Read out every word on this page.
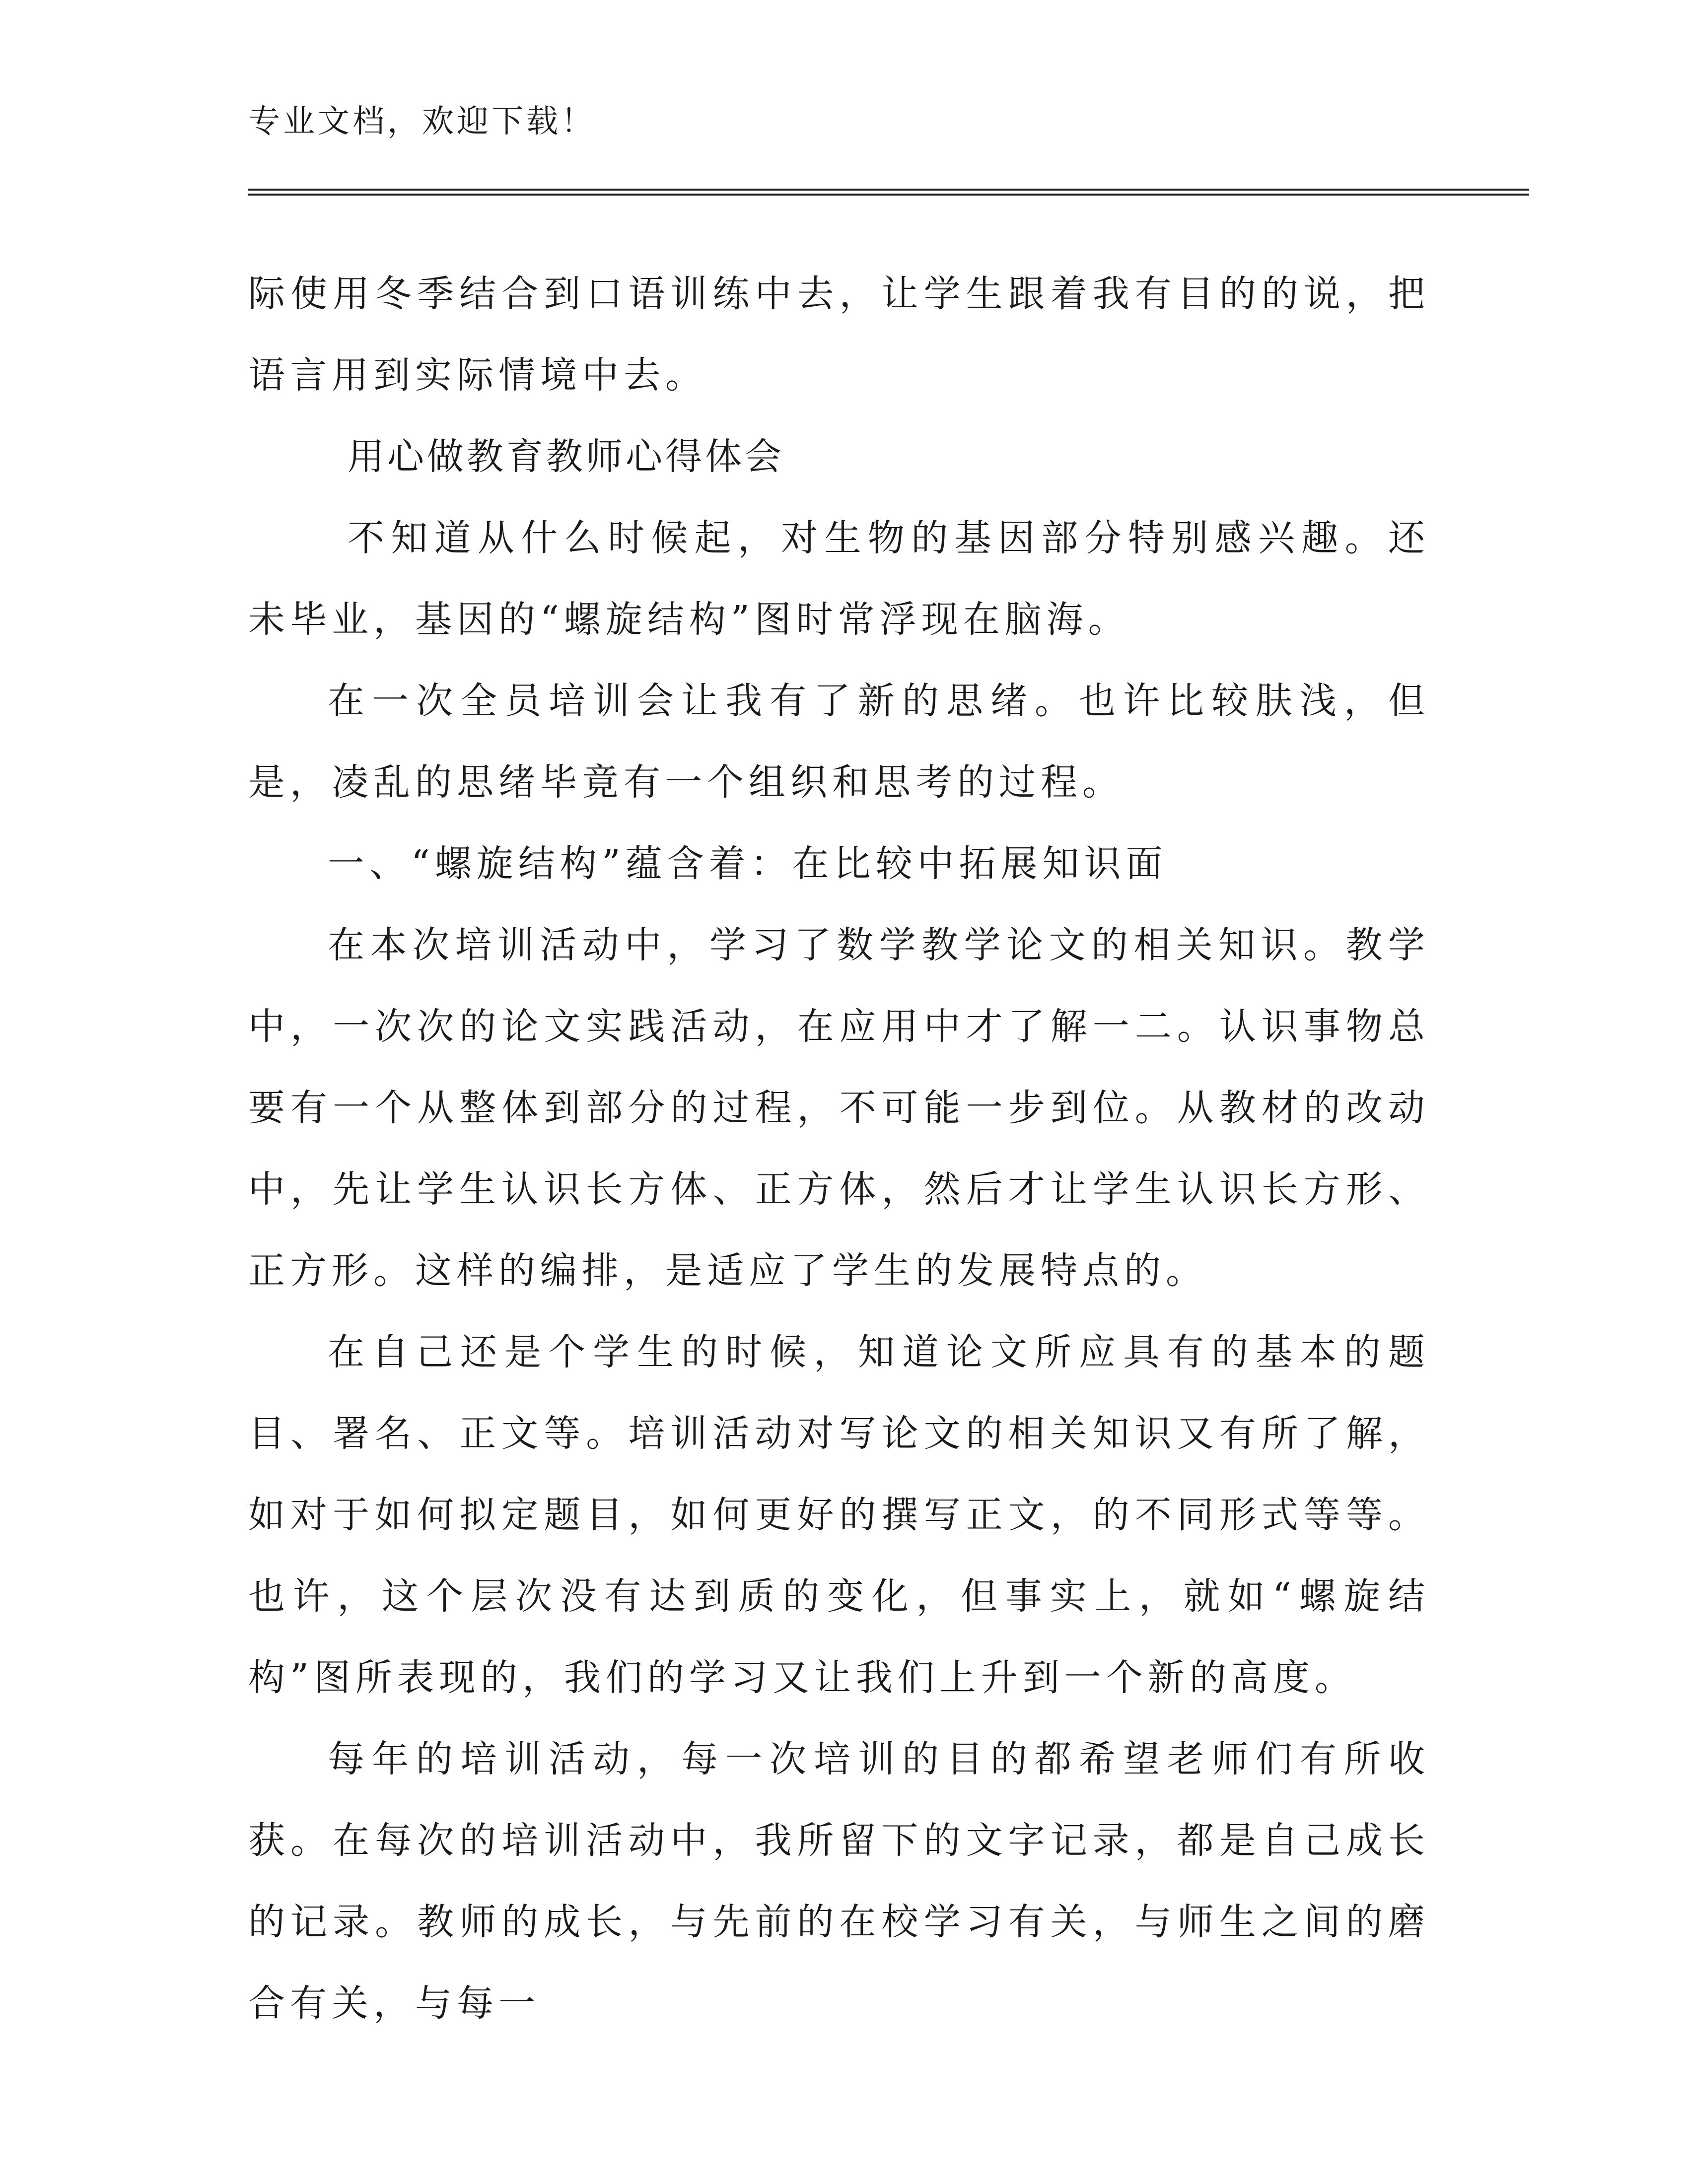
专业文档，欢迎下载！

际使用冬季结合到口语训练中去，让学生跟着我有目的的说，把语言用到实际情境中去。

用心做教育教师心得体会

不知道从什么时候起，对生物的基因部分特别感兴趣。还未毕业，基因的“螺旋结构”图时常浮现在脑海。

在一次全员培训会让我有了新的思绪。也许比较肤浅，但是，凌乱的思绪毕竟有一个组织和思考的过程。

一、“螺旋结构”蕴含着：在比较中拓展知识面

在本次培训活动中，学习了数学教学论文的相关知识。教学中，一次次的论文实践活动，在应用中才了解一二。认识事物总要有一个从整体到部分的过程，不可能一步到位。从教材的改动中，先让学生认识长方体、正方体，然后才让学生认识长方形、正方形。这样的编排，是适应了学生的发展特点的。

在自己还是个学生的时候，知道论文所应具有的基本的题目、署名、正文等。培训活动对写论文的相关知识又有所了解，如对于如何拟定题目，如何更好的撰写正文，的不同形式等等。也许，这个层次没有达到质的变化，但事实上，就如“螺旋结构”图所表现的，我们的学习又让我们上升到一个新的高度。

每年的培训活动，每一次培训的目的都希望老师们有所收获。在每次的培训活动中，我所留下的文字记录，都是自己成长的记录。教师的成长，与先前的在校学习有关，与师生之间的磨合有关，与每一
